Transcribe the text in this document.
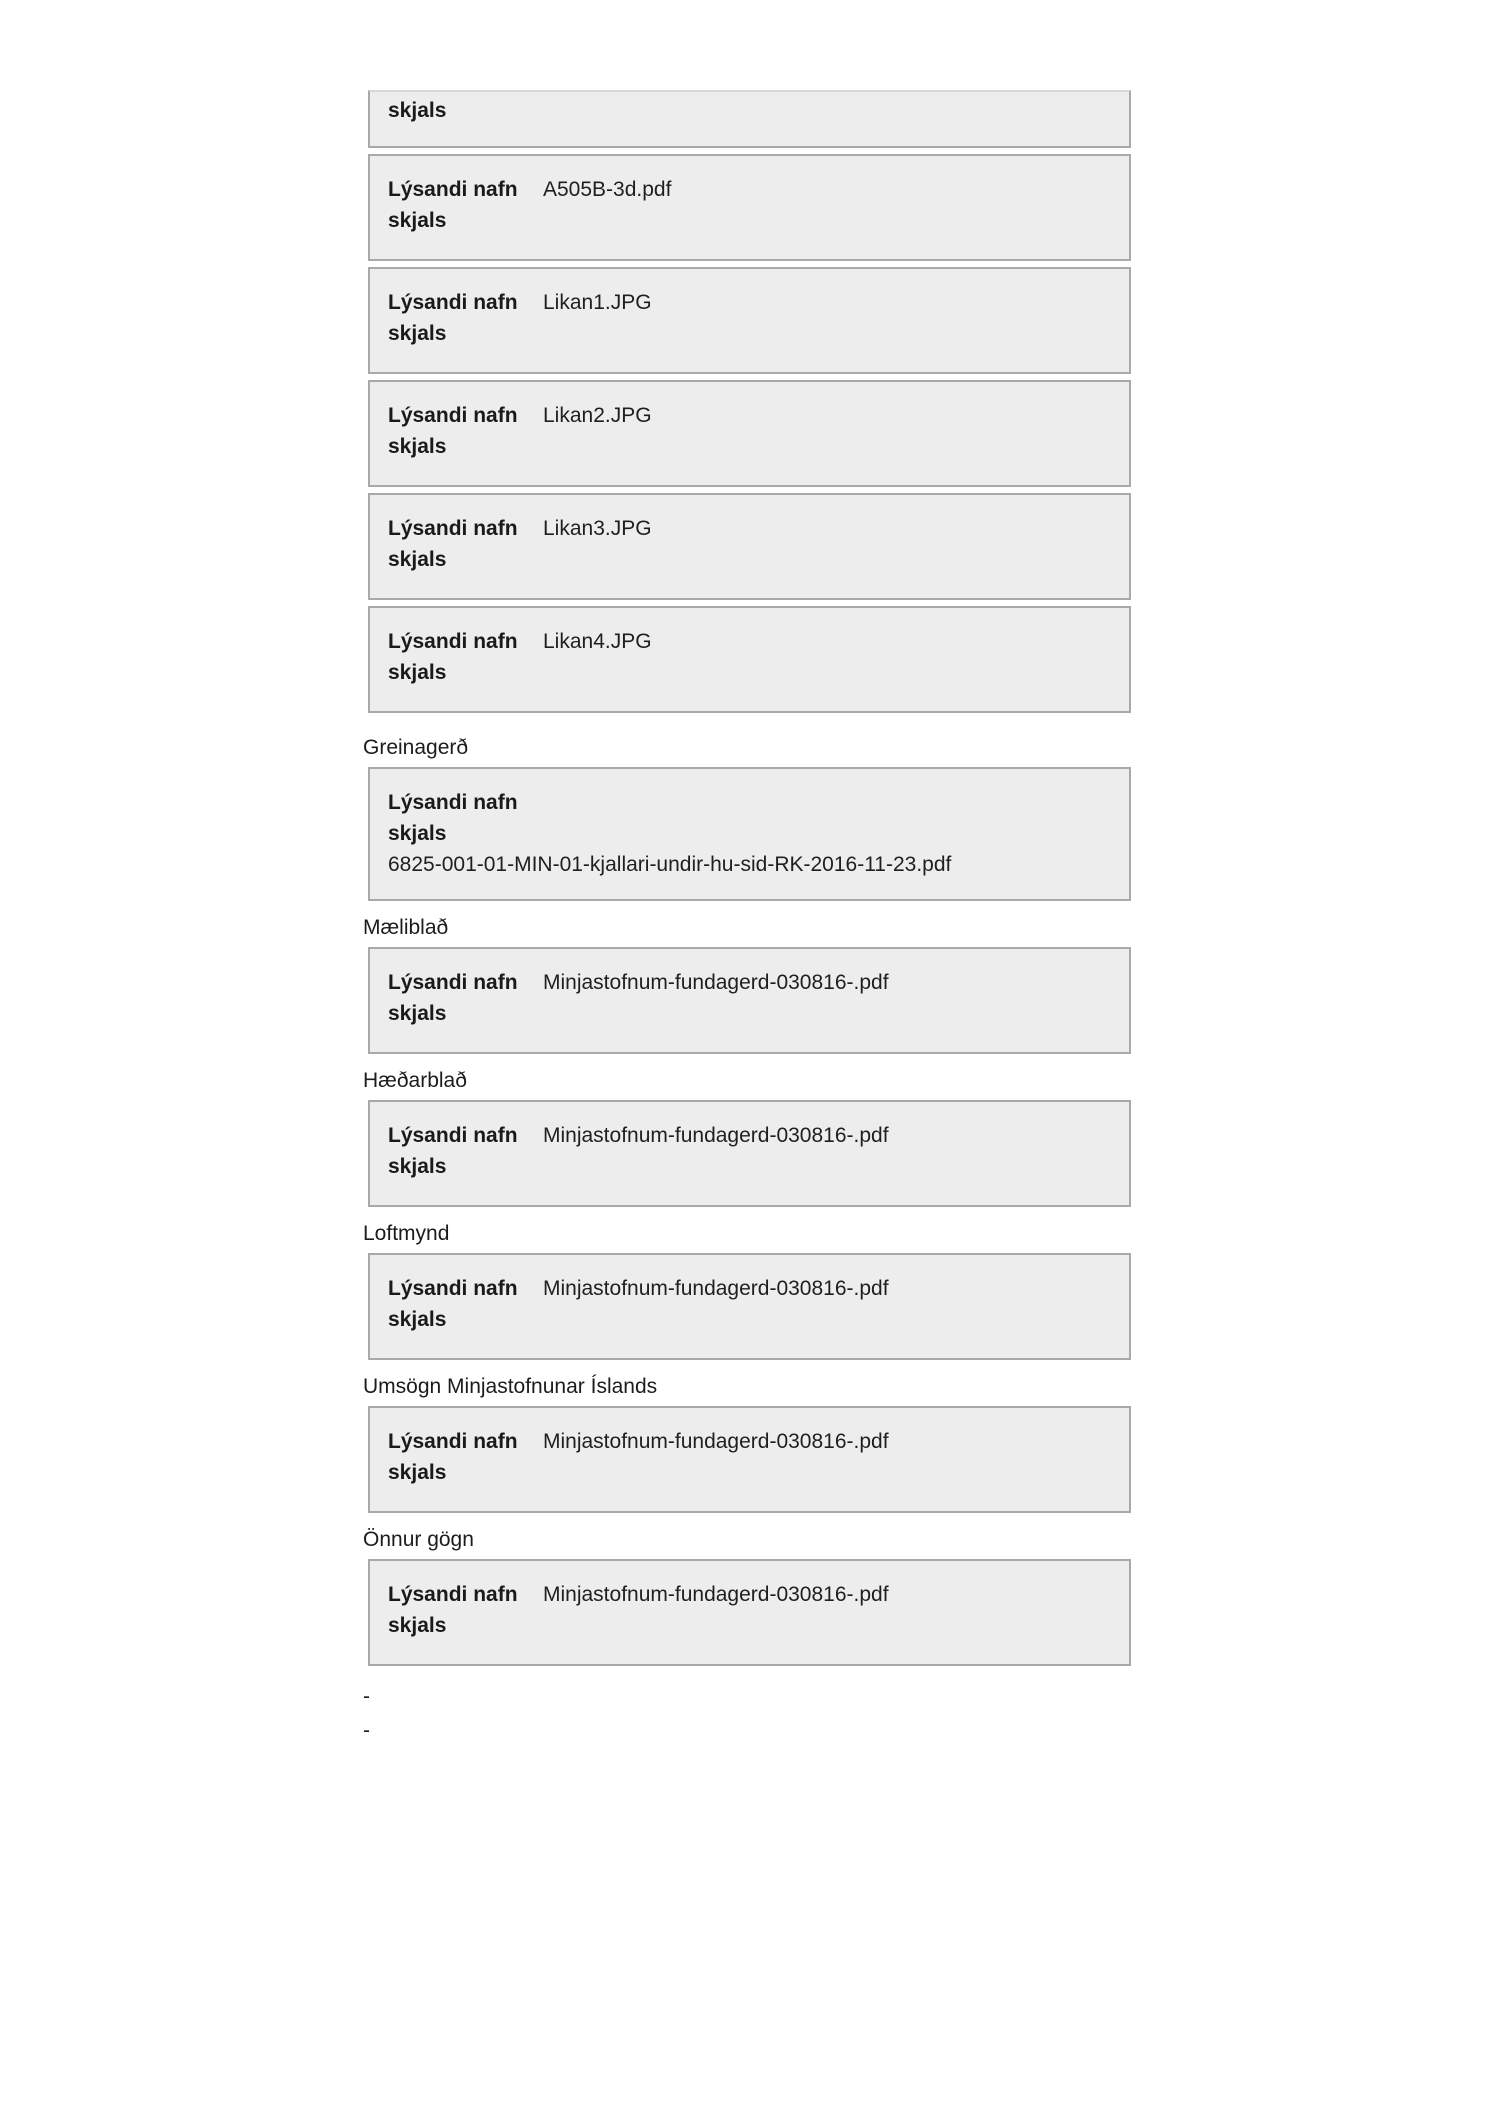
skjals
Lýsandi nafn skjals
A505B-3d.pdf
Lýsandi nafn skjals
Likan1.JPG
Lýsandi nafn skjals
Likan2.JPG
Lýsandi nafn skjals
Likan3.JPG
Lýsandi nafn skjals
Likan4.JPG
Greinagerð
Lýsandi nafn skjals
6825-001-01-MIN-01-kjallari-undir-hu-sid-RK-2016-11-23.pdf
Mæliblað
Lýsandi nafn skjals
Minjastofnum-fundagerd-030816-.pdf
Hæðarblað
Lýsandi nafn skjals
Minjastofnum-fundagerd-030816-.pdf
Loftmynd
Lýsandi nafn skjals
Minjastofnum-fundagerd-030816-.pdf
Umsögn Minjastofnunar Íslands
Lýsandi nafn skjals
Minjastofnum-fundagerd-030816-.pdf
Önnur gögn
Lýsandi nafn skjals
Minjastofnum-fundagerd-030816-.pdf
-
-
